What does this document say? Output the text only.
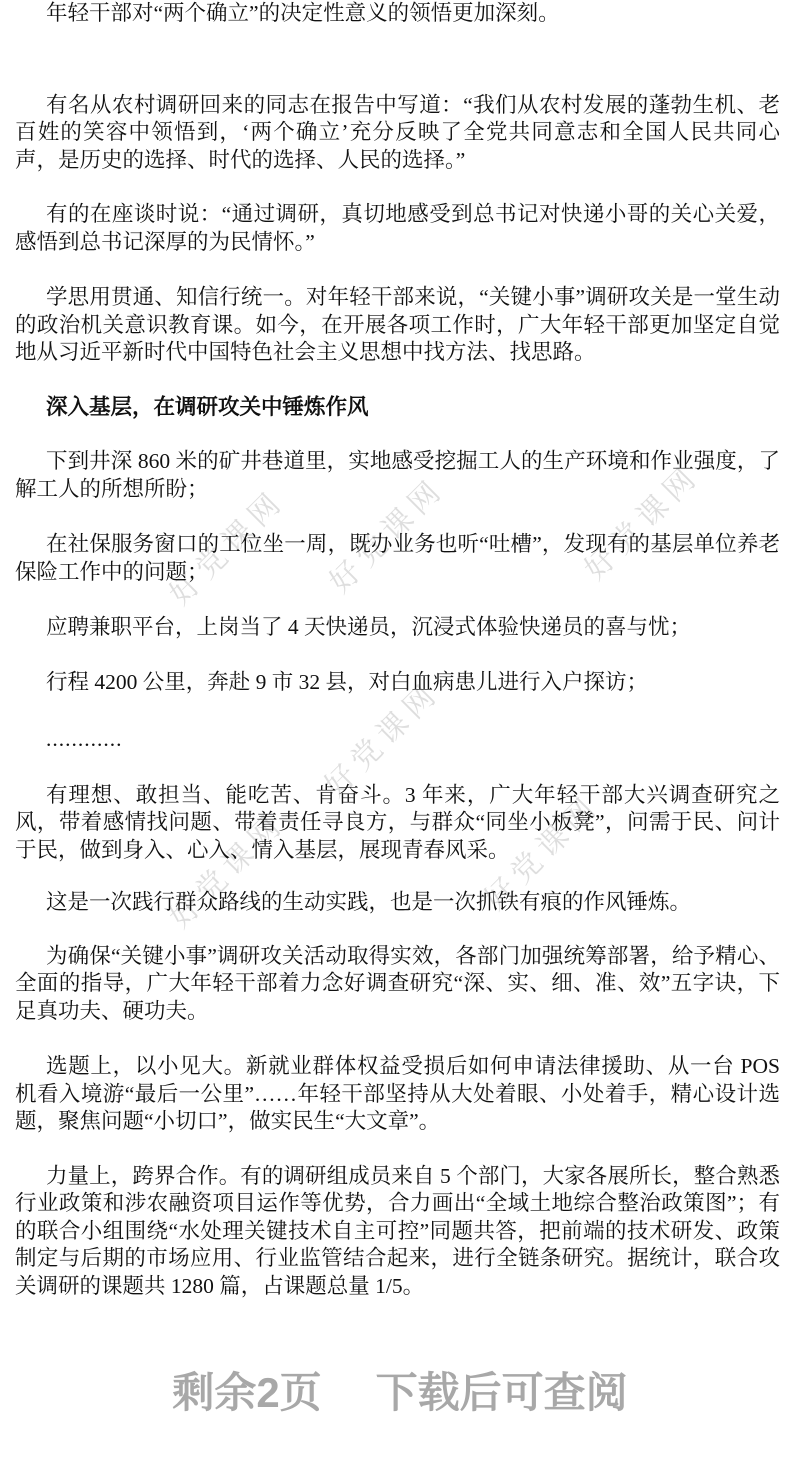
好党课网 好党课网	好党课网
好党课网
好党课网	好党课网

年轻干部对“两个确立”的决定性意义的领悟更加深刻。

有名从农村调研回来的同志在报告中写道：“我们从农村发展的蓬勃生机、老百姓的笑容中领悟到，‘两个确立’充分反映了全党共同意志和全国人民共同心声，是历史的选择、时代的选择、人民的选择。”

有的在座谈时说：“通过调研，真切地感受到总书记对快递小哥的关心关爱，感悟到总书记深厚的为民情怀。”

学思用贯通、知信行统一。对年轻干部来说，“关键小事”调研攻关是一堂生动的政治机关意识教育课。如今，在开展各项工作时，广大年轻干部更加坚定自觉地从习近平新时代中国特色社会主义思想中找方法、找思路。

深入基层，在调研攻关中锤炼作风

下到井深 860 米的矿井巷道里，实地感受挖掘工人的生产环境和作业强度，了解工人的所想所盼；

在社保服务窗口的工位坐一周，既办业务也听“吐槽”，发现有的基层单位养老保险工作中的问题；

应聘兼职平台，上岗当了 4 天快递员，沉浸式体验快递员的喜与忧；

行程 4200 公里，奔赴 9 市 32 县，对白血病患儿进行入户探访；

............

有理想、敢担当、能吃苦、肯奋斗。3 年来，广大年轻干部大兴调查研究之风，带着感情找问题、带着责任寻良方，与群众“同坐小板凳”，问需于民、问计于民，做到身入、心入、情入基层，展现青春风采。

这是一次践行群众路线的生动实践，也是一次抓铁有痕的作风锤炼。

为确保“关键小事”调研攻关活动取得实效，各部门加强统筹部署，给予精心、全面的指导，广大年轻干部着力念好调查研究“深、实、细、准、效”五字诀，下足真功夫、硬功夫。

选题上，以小见大。新就业群体权益受损后如何申请法律援助、从一台 POS 机看入境游“最后一公里”……年轻干部坚持从大处着眼、小处着手，精心设计选题，聚焦问题“小切口”，做实民生“大文章”。

力量上，跨界合作。有的调研组成员来自 5 个部门，大家各展所长，整合熟悉行业政策和涉农融资项目运作等优势，合力画出“全域土地综合整治政策图”；有的联合小组围绕“水处理关键技术自主可控”同题共答，把前端的技术研发、政策制定与后期的市场应用、行业监管结合起来，进行全链条研究。据统计，联合攻关调研的课题共 1280 篇，占课题总量 1/5。

剩余2页 下载后可查阅
